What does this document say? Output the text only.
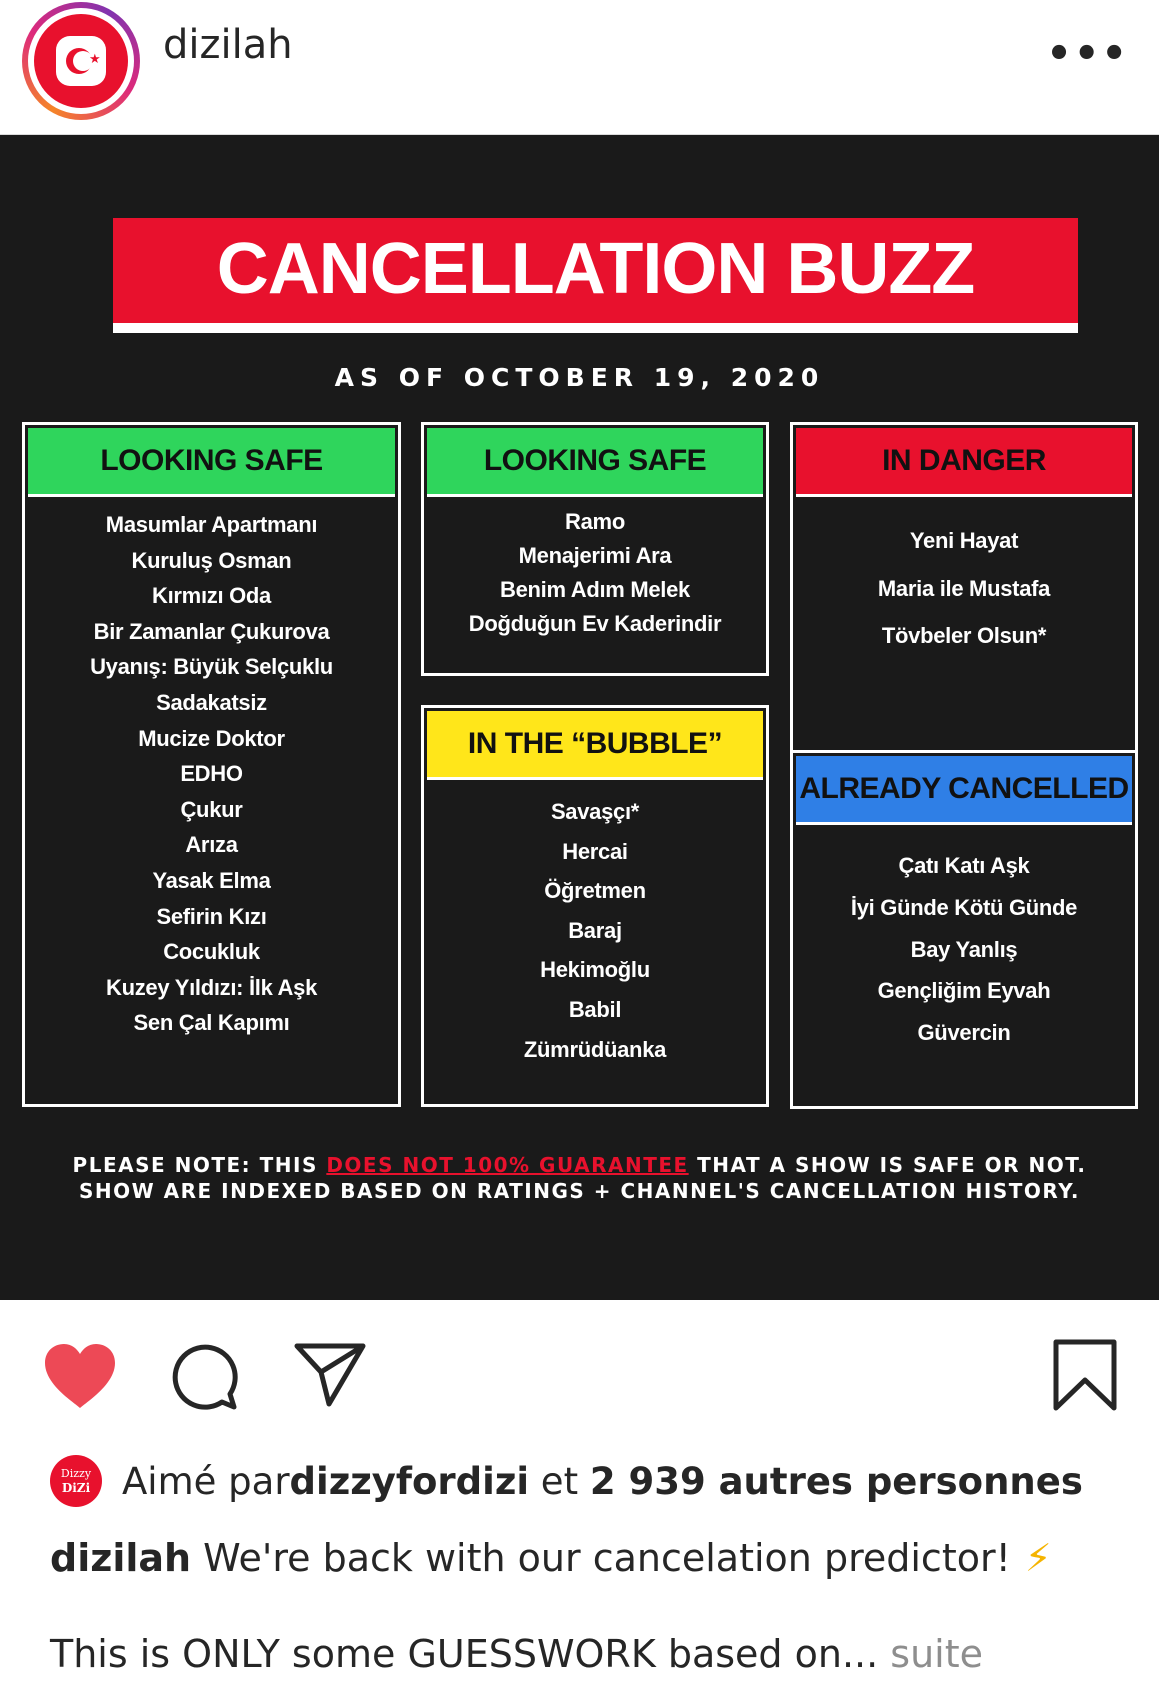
★ dizilah	•••
CANCELLATION BUZZ
AS OF OCTOBER 19, 2020
LOOKING SAFE
Masumlar Apartmanı
Kuruluş Osman
Kırmızı Oda
Bir Zamanlar Çukurova
Uyanış: Büyük Selçuklu
Sadakatsiz
Mucize Doktor
EDHO
Çukur
Arıza
Yasak Elma
Sefirin Kızı
Cocukluk
Kuzey Yıldızı: İlk Aşk
Sen Çal Kapımı
LOOKING SAFE
Ramo
Menajerimi Ara
Benim Adım Melek
Doğduğun Ev Kaderindir
IN THE “BUBBLE”
Savaşçı*
Hercai
Öğretmen
Baraj
Hekimoğlu
Babil
Zümrüdüanka
IN DANGER
Yeni Hayat
Maria ile Mustafa
Tövbeler Olsun*
ALREADY CANCELLED
Çatı Katı Aşk
İyi Günde Kötü Günde
Bay Yanlış
Gençliğim Eyvah
Güvercin
PLEASE NOTE: THIS DOES NOT 100% GUARANTEE THAT A SHOW IS SAFE OR NOT.
SHOW ARE INDEXED BASED ON RATINGS + CHANNEL'S CANCELLATION HISTORY.
Dizzy
DiZi Aimé par dizzyfordizi et 2 939 autres personnes
dizilah We're back with our cancelation predictor! ⚡
This is ONLY some GUESSWORK based on... suite
